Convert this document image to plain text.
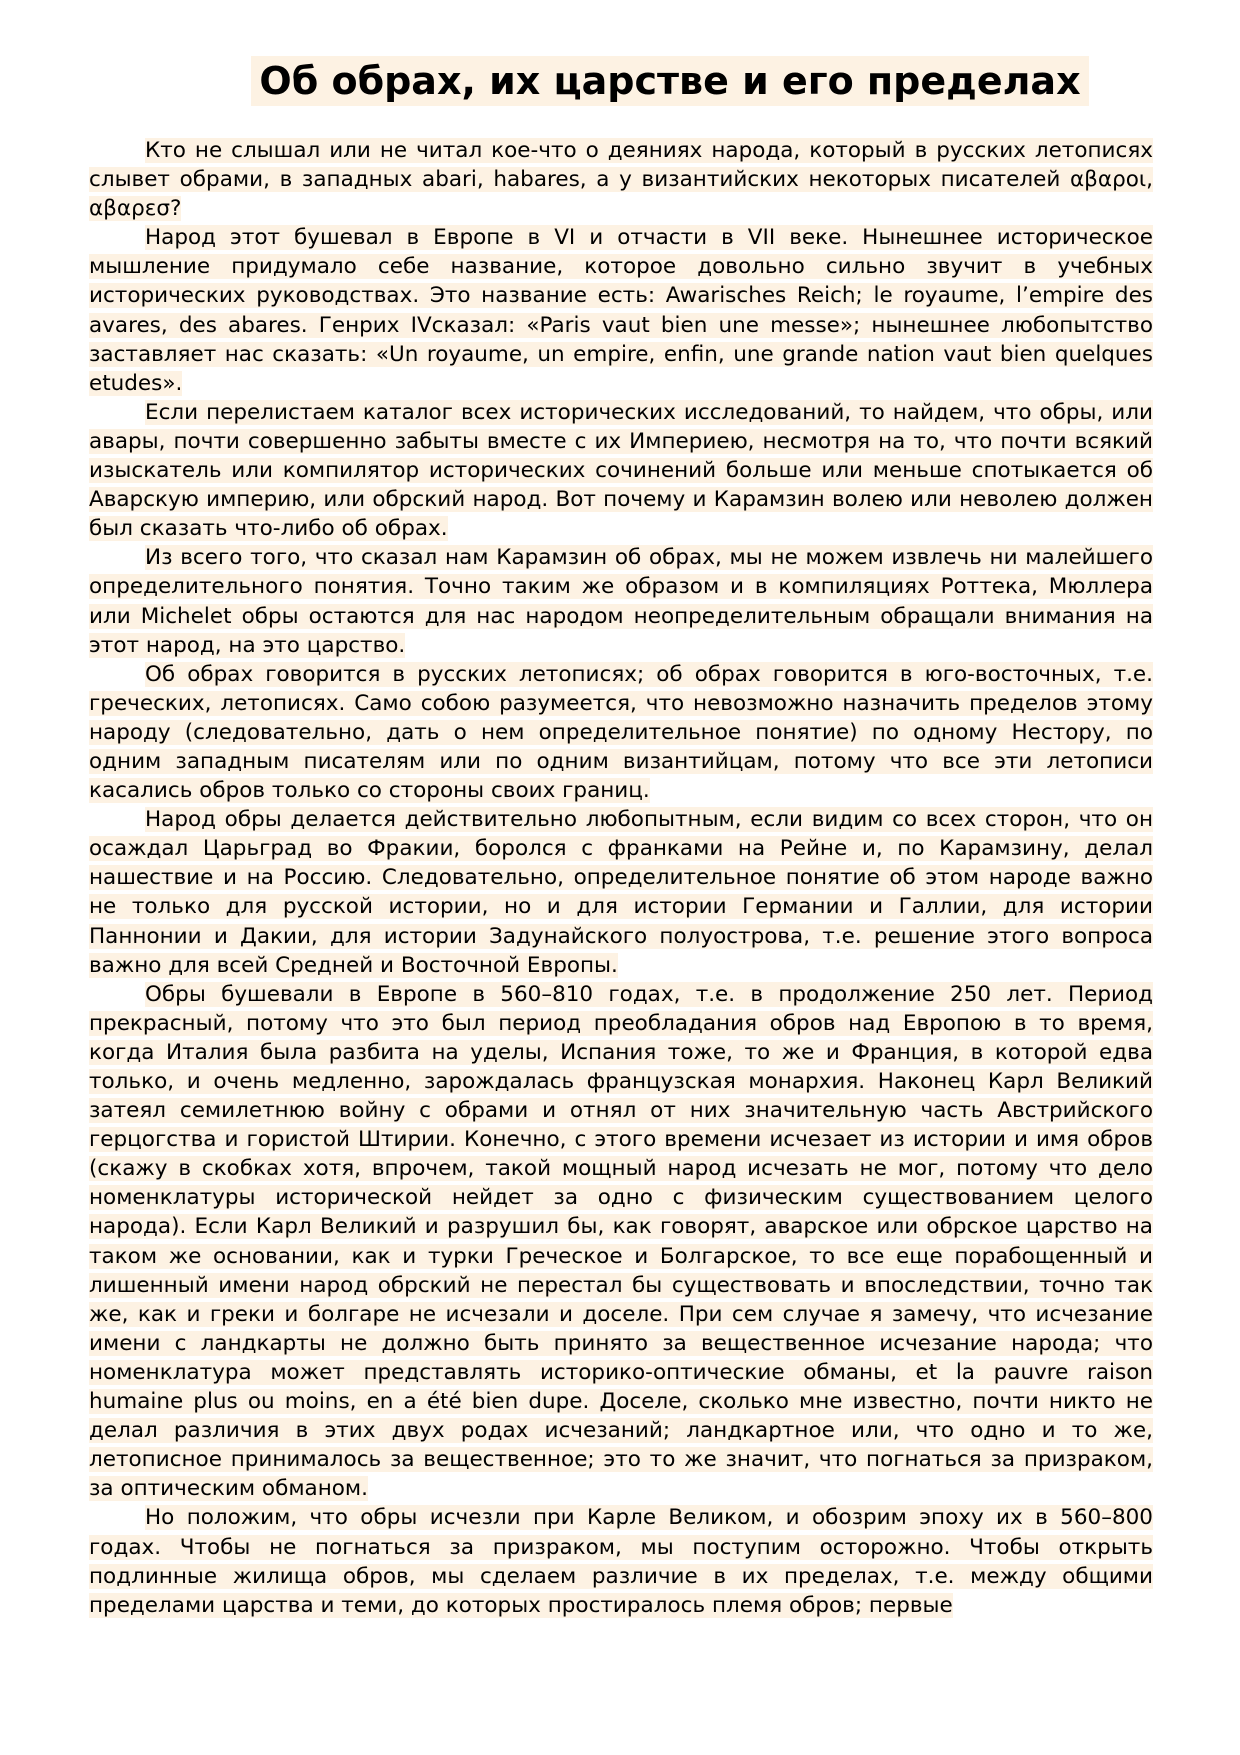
Об обрах, их царстве и его пределах

Кто не слышал или не читал кое-что о деяниях народа, который в русских летописях слывет обрами, в западных abari, habares, а у византийских некоторых писателей αβαροι, αβαρεσ?

Народ этот бушевал в Европе в VI и отчасти в VII веке. Нынешнее историческое мышление придумало себе название, которое довольно сильно звучит в учебных исторических руководствах. Это название есть: Awarisches Reich; le royaume, l’empire des avares, des abares. Генрих IVсказал: «Paris vaut bien une messe»; нынешнее любопытство заставляет нас сказать: «Un royaume, un empire, enfin, une grande nation vaut bien quelques etudes».

Если перелистаем каталог всех исторических исследований, то найдем, что обры, или авары, почти совершенно забыты вместе с их Империею, несмотря на то, что почти всякий изыскатель или компилятор исторических сочинений больше или меньше спотыкается об Аварскую империю, или обрский народ. Вот почему и Карамзин волею или неволею должен был сказать что-либо об обрах.

Из всего того, что сказал нам Карамзин об обрах, мы не можем извлечь ни малейшего определительного понятия. Точно таким же образом и в компиляциях Роттека, Мюллера или Michelet обры остаются для нас народом неопределительным обращали внимания на этот народ, на это царство.

Об обрах говорится в русских летописях; об обрах говорится в юго-восточных, т.е. греческих, летописях. Само собою разумеется, что невозможно назначить пределов этому народу (следовательно, дать о нем определительное понятие) по одному Нестору, по одним западным писателям или по одним византийцам, потому что все эти летописи касались обров только со стороны своих границ.

Народ обры делается действительно любопытным, если видим со всех сторон, что он осаждал Царьград во Фракии, боролся с франками на Рейне и, по Карамзину, делал нашествие и на Россию. Следовательно, определительное понятие об этом народе важно не только для русской истории, но и для истории Германии и Галлии, для истории Паннонии и Дакии, для истории Задунайского полуострова, т.е. решение этого вопроса важно для всей Средней и Восточной Европы.

Обры бушевали в Европе в 560–810 годах, т.е. в продолжение 250 лет. Период прекрасный, потому что это был период преобладания обров над Европою в то время, когда Италия была разбита на уделы, Испания тоже, то же и Франция, в которой едва только, и очень медленно, зарождалась французская монархия. Наконец Карл Великий затеял семилетнюю войну с обрами и отнял от них значительную часть Австрийского герцогства и гористой Штирии. Конечно, с этого времени исчезает из истории и имя обров (скажу в скобках хотя, впрочем, такой мощный народ исчезать не мог, потому что дело номенклатуры исторической нейдет за одно с физическим существованием целого народа). Если Карл Великий и разрушил бы, как говорят, аварское или обрское царство на таком же основании, как и турки Греческое и Болгарское, то все еще порабощенный и лишенный имени народ обрский не перестал бы существовать и впоследствии, точно так же, как и греки и болгаре не исчезали и доселе. При сем случае я замечу, что исчезание имени с ландкарты не должно быть принято за вещественное исчезание народа; что номенклатура может представлять историко-оптические обманы, et la pauvre raison humaine plus ou moins, en a été bien dupe. Доселе, сколько мне известно, почти никто не делал различия в этих двух родах исчезаний; ландкартное или, что одно и то же, летописное принималось за вещественное; это то же значит, что погнаться за призраком, за оптическим обманом.

Но положим, что обры исчезли при Карле Великом, и обозрим эпоху их в 560–800 годах. Чтобы не погнаться за призраком, мы поступим осторожно. Чтобы открыть подлинные жилища обров, мы сделаем различие в их пределах, т.е. между общими пределами царства и теми, до которых простиралось племя обров; первые
